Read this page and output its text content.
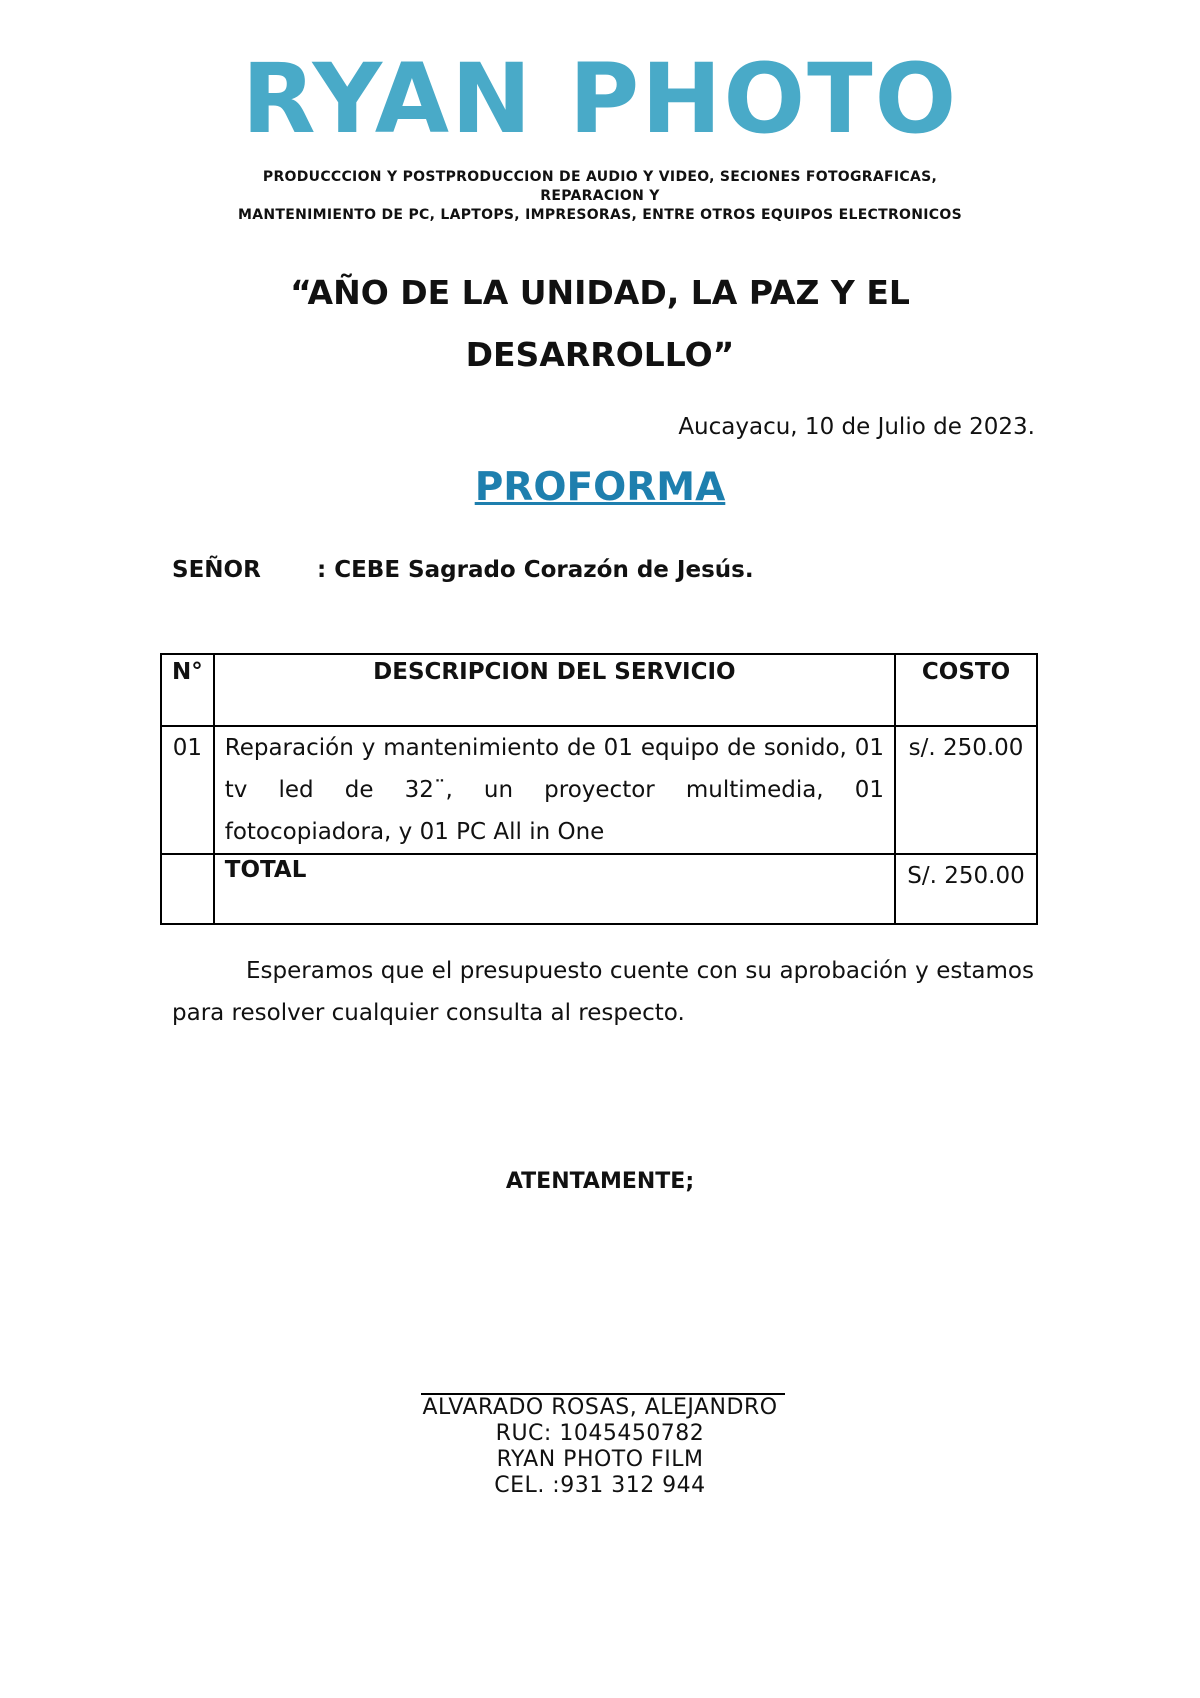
RYAN PHOTO
PRODUCCCION Y POSTPRODUCCION DE AUDIO Y VIDEO, SECIONES FOTOGRAFICAS,
REPARACION Y
MANTENIMIENTO DE PC, LAPTOPS, IMPRESORAS, ENTRE OTROS EQUIPOS ELECTRONICOS
“AÑO DE LA UNIDAD, LA PAZ Y EL
DESARROLLO”
Aucayacu, 10 de Julio de 2023.
PROFORMA
SEÑOR : CEBE Sagrado Corazón de Jesús.
N°	DESCRIPCION DEL SERVICIO	COSTO
01	Reparación y mantenimiento de 01 equipo de sonido, 01 tv led de 32¨, un proyector multimedia, 01 fotocopiadora, y 01 PC All in One	s/. 250.00
	TOTAL	S/. 250.00
Esperamos que el presupuesto cuente con su aprobación y estamos para resolver cualquier consulta al respecto.
ATENTAMENTE;
ALVARADO ROSAS, ALEJANDRO
RUC: 1045450782
RYAN PHOTO FILM
CEL. :931 312 944
